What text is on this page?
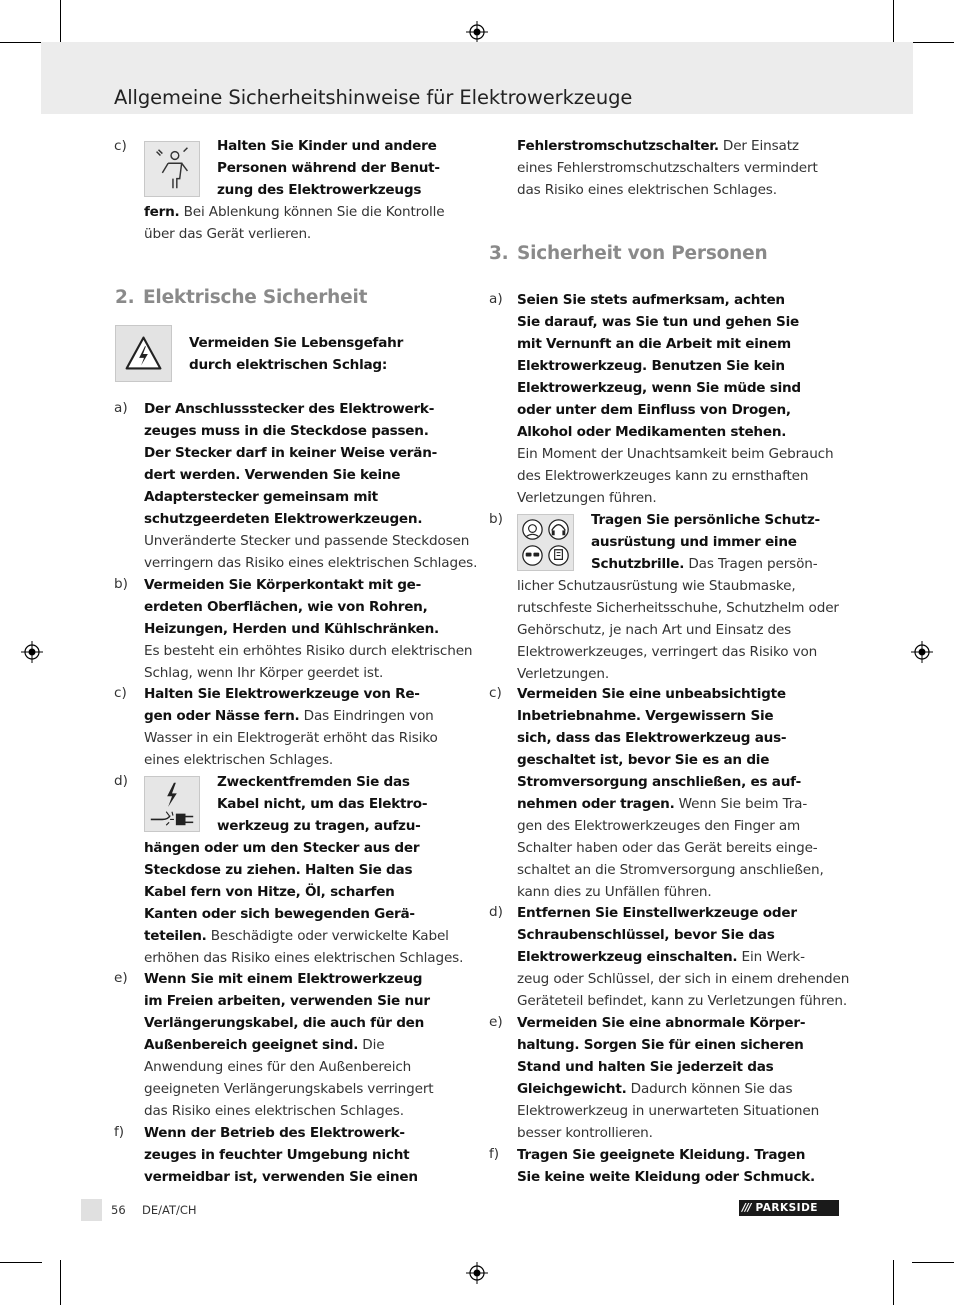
Allgemeine Sicherheitshinweise für Elektrowerkzeuge
c)	Halten Sie Kinder und andere
Personen während der Benut-
zung des Elektrowerkzeugs
fern. Bei Ablenkung können Sie die Kontrolle
über das Gerät verlieren.
2. Elektrische Sicherheit
Vermeiden Sie Lebensgefahr
durch elektrischen Schlag:
a) Der Anschlussstecker des Elektrowerk-
zeuges muss in die Steckdose passen.
Der Stecker darf in keiner Weise verän-
dert werden. Verwenden Sie keine
Adapterstecker gemeinsam mit
schutzgeerdeten Elektrowerkzeugen.
Unveränderte Stecker und passende Steckdosen
verringern das Risiko eines elektrischen Schlages.
b) Vermeiden Sie Körperkontakt mit ge-
erdeten Oberflächen, wie von Rohren,
Heizungen, Herden und Kühlschränken.
Es besteht ein erhöhtes Risiko durch elektrischen
Schlag, wenn Ihr Körper geerdet ist.
c) Halten Sie Elektrowerkzeuge von Re-
gen oder Nässe fern. Das Eindringen von
Wasser in ein Elektrogerät erhöht das Risiko
eines elektrischen Schlages.
d)	Zweckentfremden Sie das
Kabel nicht, um das Elektro-
werkzeug zu tragen, aufzu-
hängen oder um den Stecker aus der
Steckdose zu ziehen. Halten Sie das
Kabel fern von Hitze, Öl, scharfen
Kanten oder sich bewegenden Gerä-
teteilen. Beschädigte oder verwickelte Kabel
erhöhen das Risiko eines elektrischen Schlages.
e) Wenn Sie mit einem Elektrowerkzeug
im Freien arbeiten, verwenden Sie nur
Verlängerungskabel, die auch für den
Außenbereich geeignet sind. Die
Anwendung eines für den Außenbereich
geeigneten Verlängerungskabels verringert
das Risiko eines elektrischen Schlages.
f) Wenn der Betrieb des Elektrowerk-
zeuges in feuchter Umgebung nicht
vermeidbar ist, verwenden Sie einen
Fehlerstromschutzschalter. Der Einsatz
eines Fehlerstromschutzschalters vermindert
das Risiko eines elektrischen Schlages.
3. Sicherheit von Personen
a) Seien Sie stets aufmerksam, achten
Sie darauf, was Sie tun und gehen Sie
mit Vernunft an die Arbeit mit einem
Elektrowerkzeug. Benutzen Sie kein
Elektrowerkzeug, wenn Sie müde sind
oder unter dem Einfluss von Drogen,
Alkohol oder Medikamenten stehen.
Ein Moment der Unachtsamkeit beim Gebrauch
des Elektrowerkzeuges kann zu ernsthaften
Verletzungen führen.
b)	Tragen Sie persönliche Schutz-
ausrüstung und immer eine
Schutzbrille. Das Tragen persön-
licher Schutzausrüstung wie Staubmaske,
rutschfeste Sicherheitsschuhe, Schutzhelm oder
Gehörschutz, je nach Art und Einsatz des
Elektrowerkzeuges, verringert das Risiko von
Verletzungen.
c) Vermeiden Sie eine unbeabsichtigte
Inbetriebnahme. Vergewissern Sie
sich, dass das Elektrowerkzeug aus-
geschaltet ist, bevor Sie es an die
Stromversorgung anschließen, es auf-
nehmen oder tragen. Wenn Sie beim Tra-
gen des Elektrowerkzeuges den Finger am
Schalter haben oder das Gerät bereits einge-
schaltet an die Stromversorgung anschließen,
kann dies zu Unfällen führen.
d) Entfernen Sie Einstellwerkzeuge oder
Schraubenschlüssel, bevor Sie das
Elektrowerkzeug einschalten. Ein Werk-
zeug oder Schlüssel, der sich in einem drehenden
Geräteteil befindet, kann zu Verletzungen führen.
e) Vermeiden Sie eine abnormale Körper-
haltung. Sorgen Sie für einen sicheren
Stand und halten Sie jederzeit das
Gleichgewicht. Dadurch können Sie das
Elektrowerkzeug in unerwarteten Situationen
besser kontrollieren.
f) Tragen Sie geeignete Kleidung. Tragen
Sie keine weite Kleidung oder Schmuck.
56 DE/AT/CH	/// PARKSIDE
